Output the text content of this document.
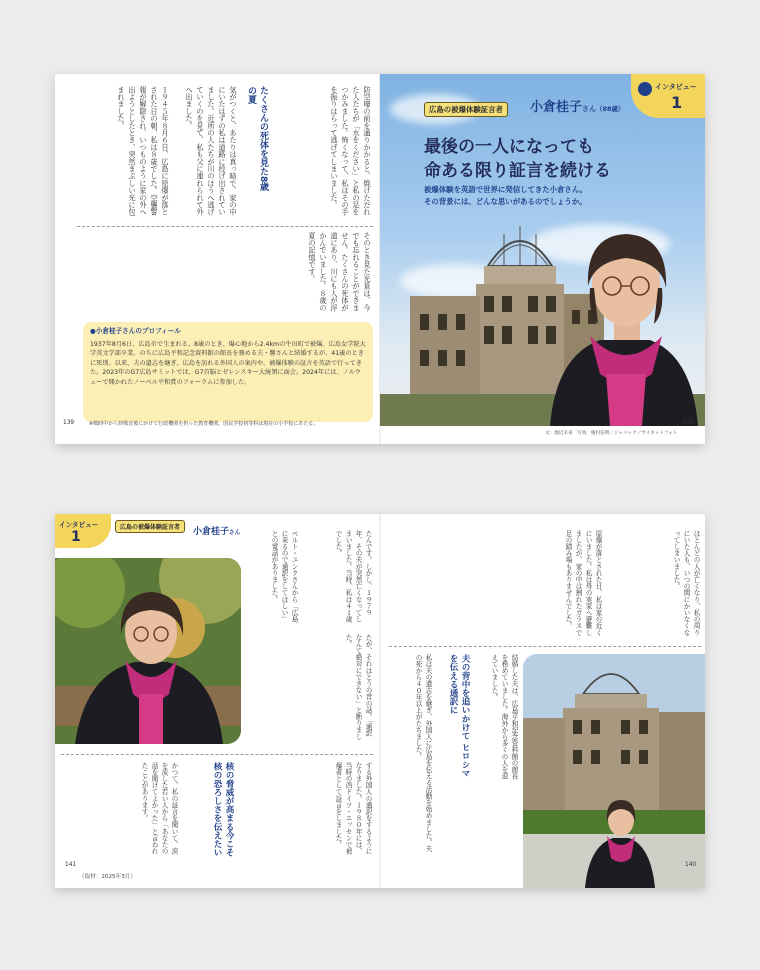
１９４５年８月６日、広島に原爆が落とされた日の朝、私は８歳でした。空襲警報が解除され、いつものように家の外へ出ようとしたとき、突然まぶしい光に包まれました。	気がつくと、あたりは真っ暗で、家の中にいたはずの私は道路に投げ出されていました。近所の人たちが川のほうへ逃げていくのを見て、私も父に連れられて外へ出ました。	たくさんの死体を見た8歳の夏	防空壕の前を通りかかると、焼けただれた人たちが「水をください」と私の足をつかみました。怖くなって、私はその手を振りはらって逃げてしまいました。
そのとき見た光景は、今でも忘れることができません。たくさんの死体が道にあり、川にも人が浮かんでいました。８歳の夏の記憶です。
●小倉桂子さんのプロフィール
1937年8月6日、広島市で生まれる。8歳のとき、爆心地から2.4kmの牛田町で被爆。広島女学院大学英文学部卒業。のちに広島平和記念資料館の館長を務める夫・馨さんと結婚するが、41歳のときに死別。以来、夫の遺志を継ぎ、広島を訪れる外国人の案内や、被爆体験の証言を英語で行ってきた。2023年のG7広島サミットでは、G7首脳とゼレンスキー大統領に面会。2024年には、ノルウェーで開かれたノーベル平和賞のフォーラムに参加した。
139	※戦時中から終戦直後にかけて行政機関を担った教育機関。国民学校初等科は現在の小学校にあたる。
広島の被爆体験証言者	小倉桂子さん（88歳）
最後の一人になっても
命ある限り証言を続ける
被爆体験を英語で世界に発信してきた小倉さん。
その背景には、どんな思いがあるのでしょうか。
インタビュー
1
文：渡辺未来　写真：植村信明／ジャパック／サイネットフォト
138
インタビュー
1
広島の被爆体験証言者	小倉桂子さん	たんです。しかし、１９７９年、その夫が突然亡くなってしまいました。当時、私は４１歳でした。
ベルト・ユンクさんから「広島に来るので通訳をしてほしい」との電話がありました。
たが、それはとうの昔の話。「通訳なんて絶対にできない」と断りました。
かつて、私の証言を聞いて、涙を流した若い人から「あなたの話を聞けてよかった」と言われたことがあります。	核の脅威が高まる今こそ 核の恐ろしさを伝えたい	する外国人の通訳をするようになりました。１９８０年には、当時の西ドイツ・エッセンで被爆者として証言をしました。
141
（取材：2025年3月）
ほとんどの人が亡くなり、私の周りにいた人も、いつの間にかいなくなってしまいました。
原爆が落とされた日、私は家の近くにいました。私は母の実家へ避難しましたが、家の中は割れたガラスで足の踏み場もありませんでした。
結婚した夫は、広島平和記念資料館の館長を務めていました。海外から多くの人を迎えていました。
夫の背中を追いかけて ヒロシマを伝える通訳に
私は夫の遺志を継ぎ、外国人に広島を伝える活動を始めました。夫の死から４０年以上がたちました。
140
